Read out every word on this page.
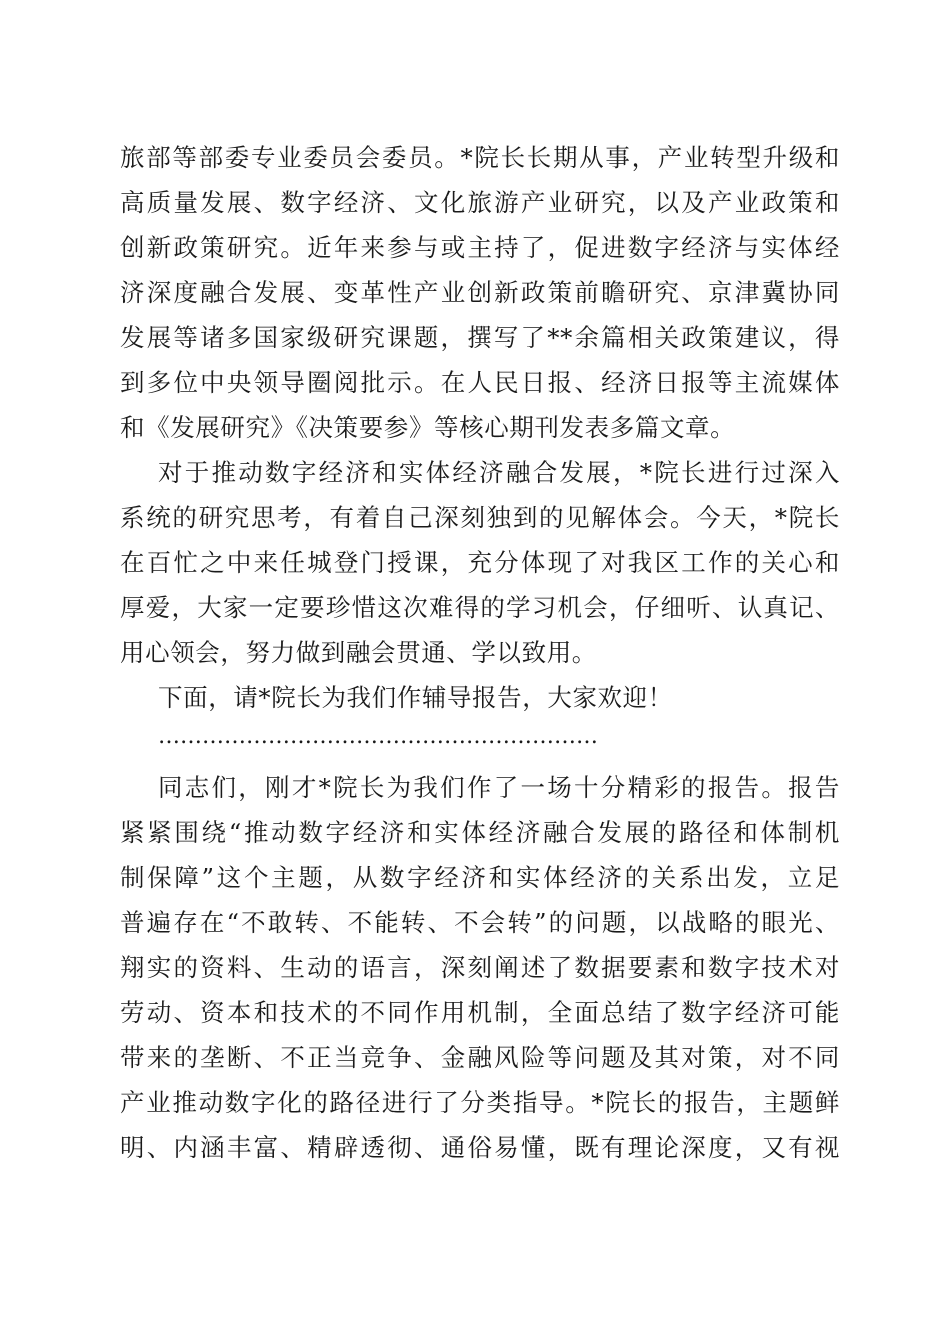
旅部等部委专业委员会委员。*院长长期从事，产业转型升级和
高质量发展、数字经济、文化旅游产业研究，以及产业政策和
创新政策研究。近年来参与或主持了，促进数字经济与实体经
济深度融合发展、变革性产业创新政策前瞻研究、京津冀协同
发展等诸多国家级研究课题，撰写了**余篇相关政策建议，得
到多位中央领导圈阅批示。在人民日报、经济日报等主流媒体
和《发展研究》《决策要参》等核心期刊发表多篇文章。
对于推动数字经济和实体经济融合发展，*院长进行过深入
系统的研究思考，有着自己深刻独到的见解体会。今天，*院长
在百忙之中来任城登门授课，充分体现了对我区工作的关心和
厚爱，大家一定要珍惜这次难得的学习机会，仔细听、认真记、
用心领会，努力做到融会贯通、学以致用。
下面，请*院长为我们作辅导报告，大家欢迎！
……………………………………………………
同志们，刚才*院长为我们作了一场十分精彩的报告。报告
紧紧围绕“推动数字经济和实体经济融合发展的路径和体制机
制保障”这个主题，从数字经济和实体经济的关系出发，立足
普遍存在“不敢转、不能转、不会转”的问题，以战略的眼光、
翔实的资料、生动的语言，深刻阐述了数据要素和数字技术对
劳动、资本和技术的不同作用机制，全面总结了数字经济可能
带来的垄断、不正当竞争、金融风险等问题及其对策，对不同
产业推动数字化的路径进行了分类指导。*院长的报告，主题鲜
明、内涵丰富、精辟透彻、通俗易懂，既有理论深度，又有视
